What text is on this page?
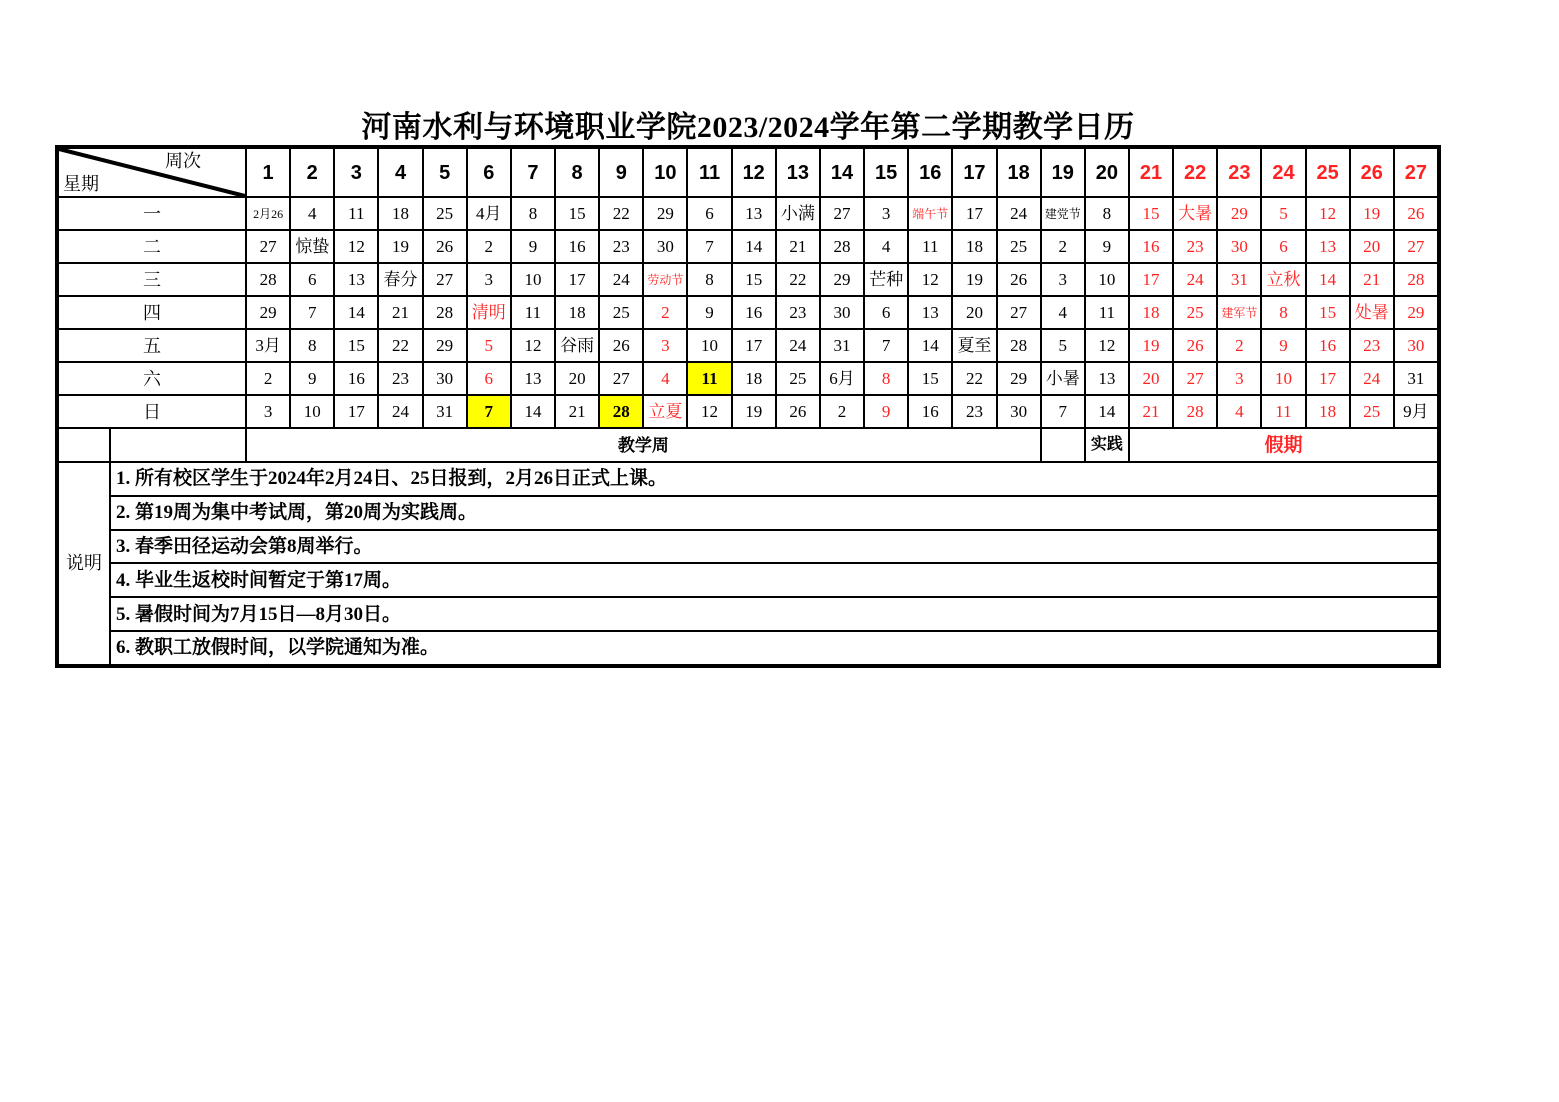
河南水利与环境职业学院2023/2024学年第二学期教学日历
周次
星期
教学周	实践	假期
说明
1. 所有校区学生于2024年2月24日、25日报到，2月26日正式上课。
2. 第19周为集中考试周，第20周为实践周。
3. 春季田径运动会第8周举行。
4. 毕业生返校时间暂定于第17周。
5. 暑假时间为7月15日—8月30日。
6. 教职工放假时间，以学院通知为准。
1	2	3	4	5	6	7	8	9	10	11	12	13	14	15	16	17	18	19	20	21	22	23	24	25	26	27
一	2月26	4	11	18	25	4月	8	15	22	29	6	13	小满	27	3	端午节	17	24	建党节	8	15	大暑	29	5	12	19	26
二	27	惊蛰	12	19	26	2	9	16	23	30	7	14	21	28	4	11	18	25	2	9	16	23	30	6	13	20	27
三	28	6	13	春分	27	3	10	17	24	劳动节	8	15	22	29	芒种	12	19	26	3	10	17	24	31	立秋	14	21	28
四	29	7	14	21	28	清明	11	18	25	2	9	16	23	30	6	13	20	27	4	11	18	25	建军节	8	15	处暑	29
五	3月	8	15	22	29	5	12	谷雨	26	3	10	17	24	31	7	14	夏至	28	5	12	19	26	2	9	16	23	30
六	2	9	16	23	30	6	13	20	27	4	11	18	25	6月	8	15	22	29	小暑	13	20	27	3	10	17	24	31
日	3	10	17	24	31	7	14	21	28	立夏	12	19	26	2	9	16	23	30	7	14	21	28	4	11	18	25	9月
